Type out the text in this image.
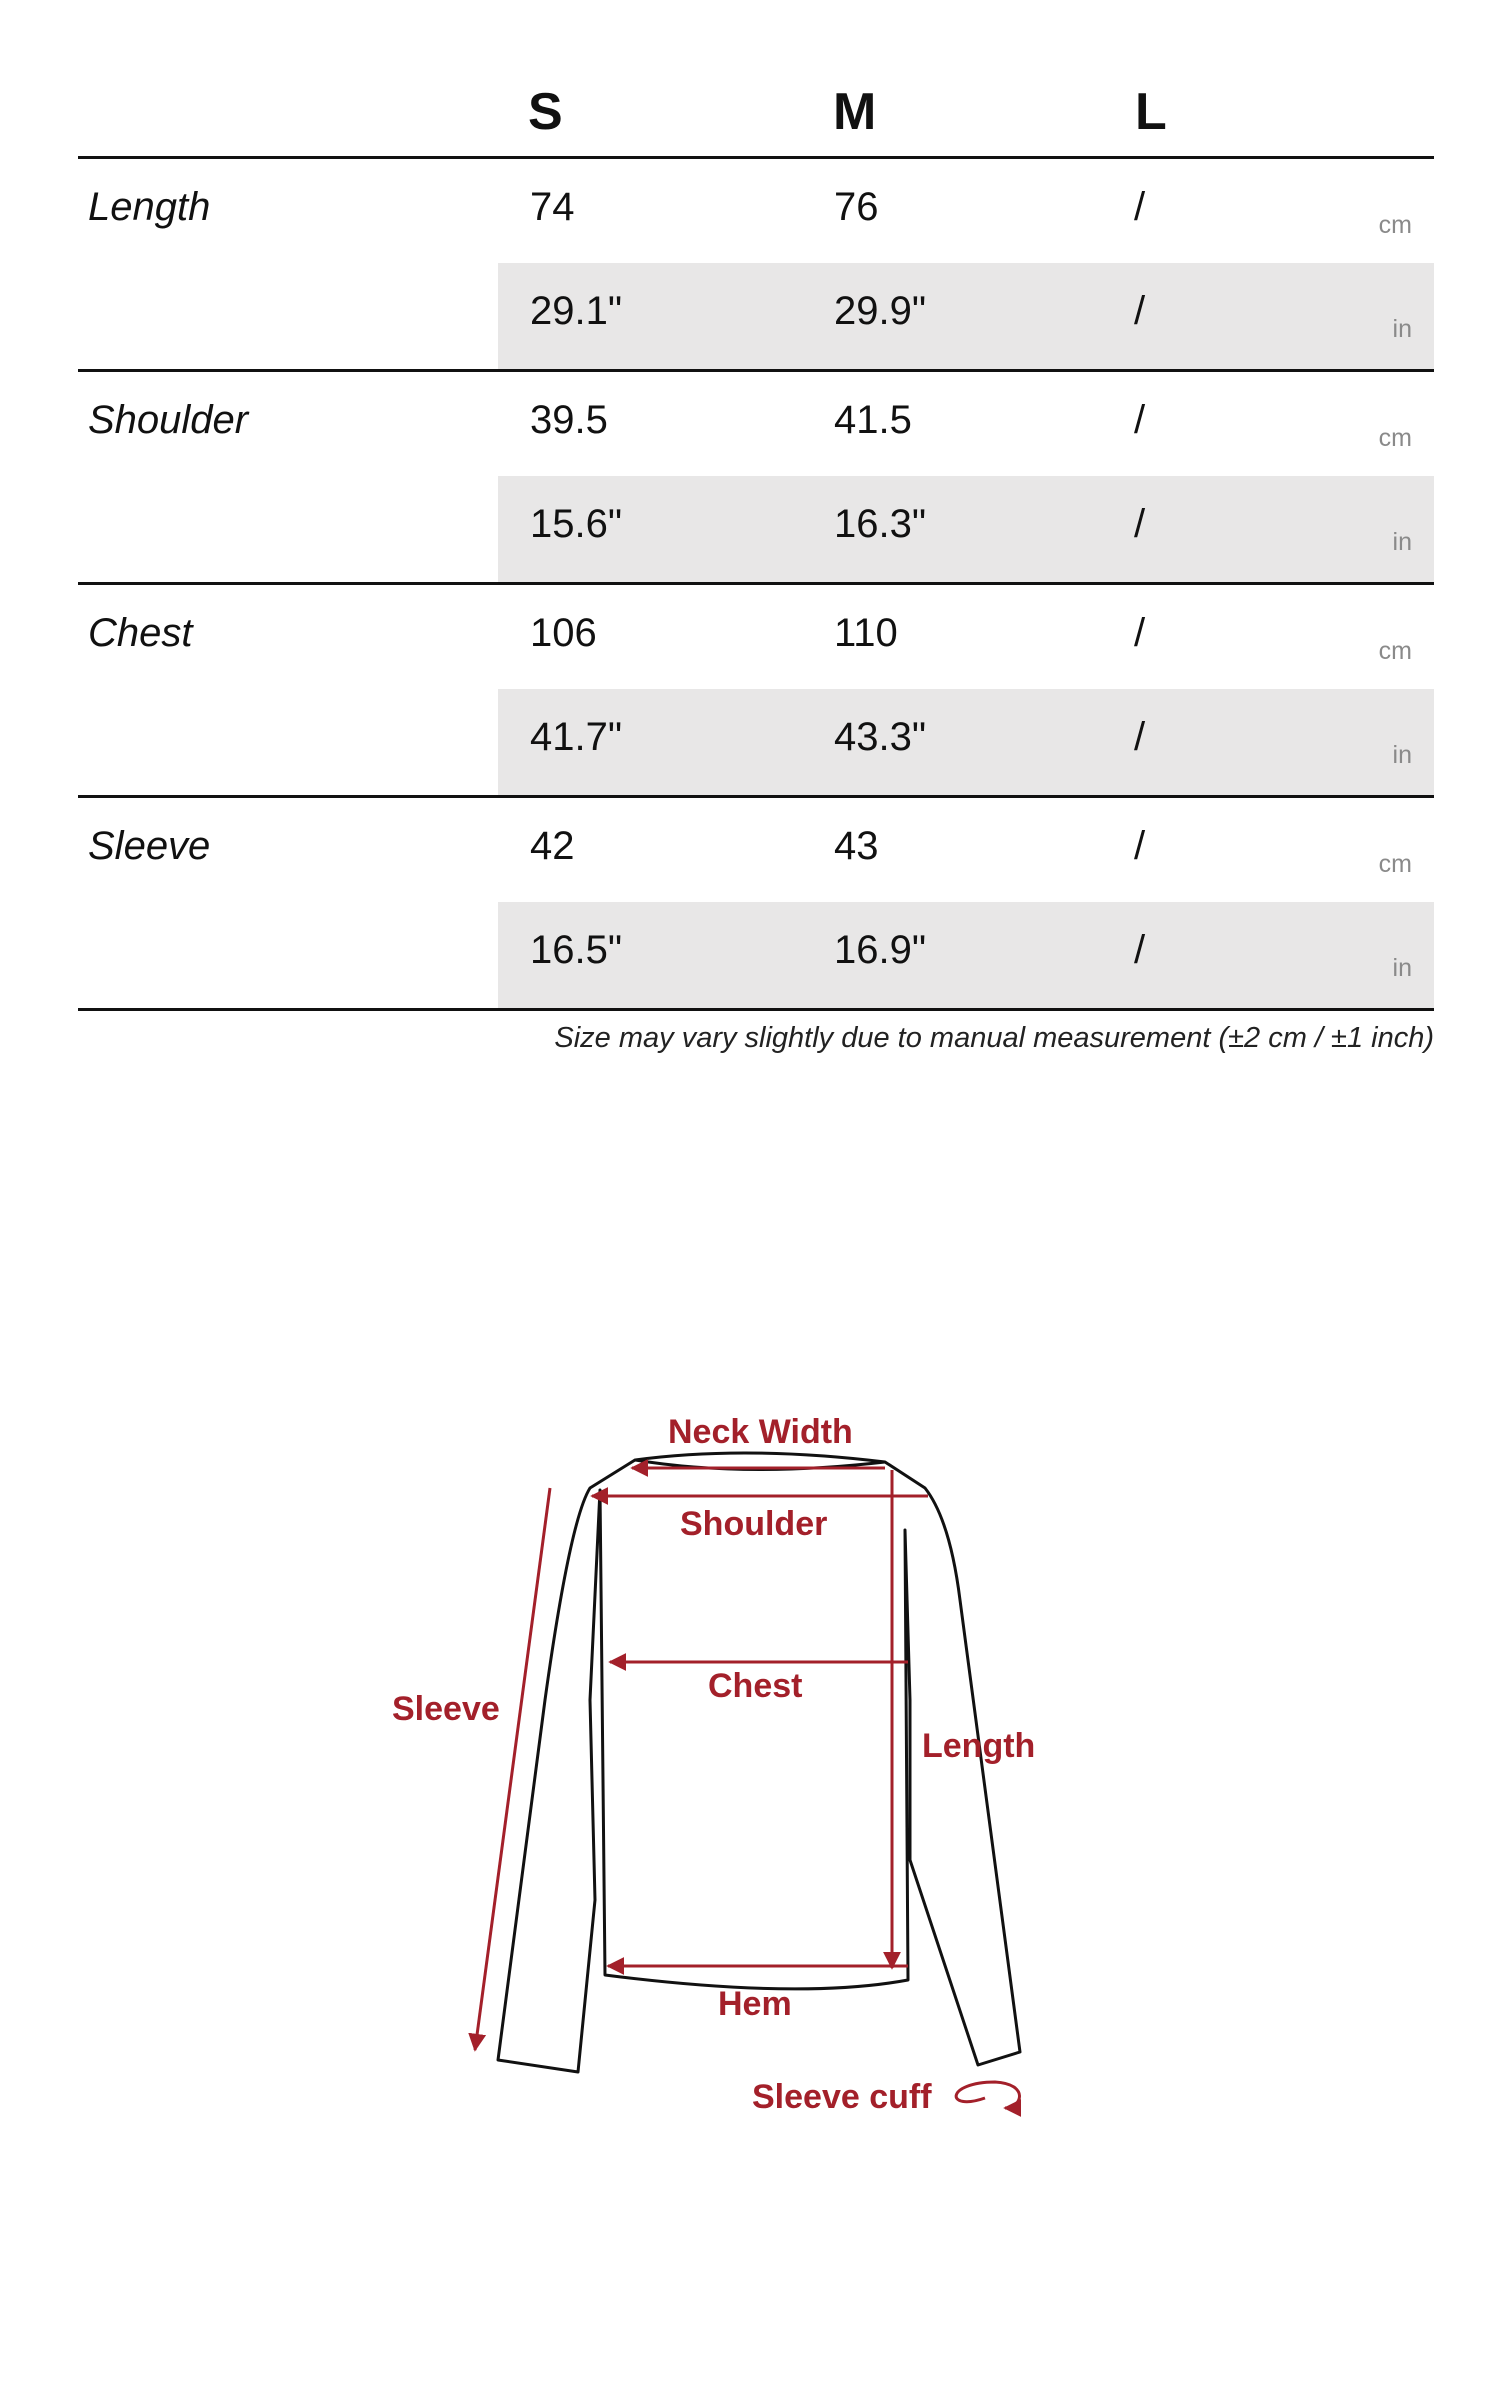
S	M	L
Length	74	76	/	cm
29.1"	29.9"	/	in
Shoulder	39.5	41.5	/	cm
15.6"	16.3"	/	in
Chest	106	110	/	cm
41.7"	43.3"	/	in
Sleeve	42	43	/	cm
16.5"	16.9"	/	in
Size may vary slightly due to manual measurement (±2 cm / ±1 inch)
Neck Width
Shoulder
Chest
Length
Sleeve
Hem
Sleeve cuff
